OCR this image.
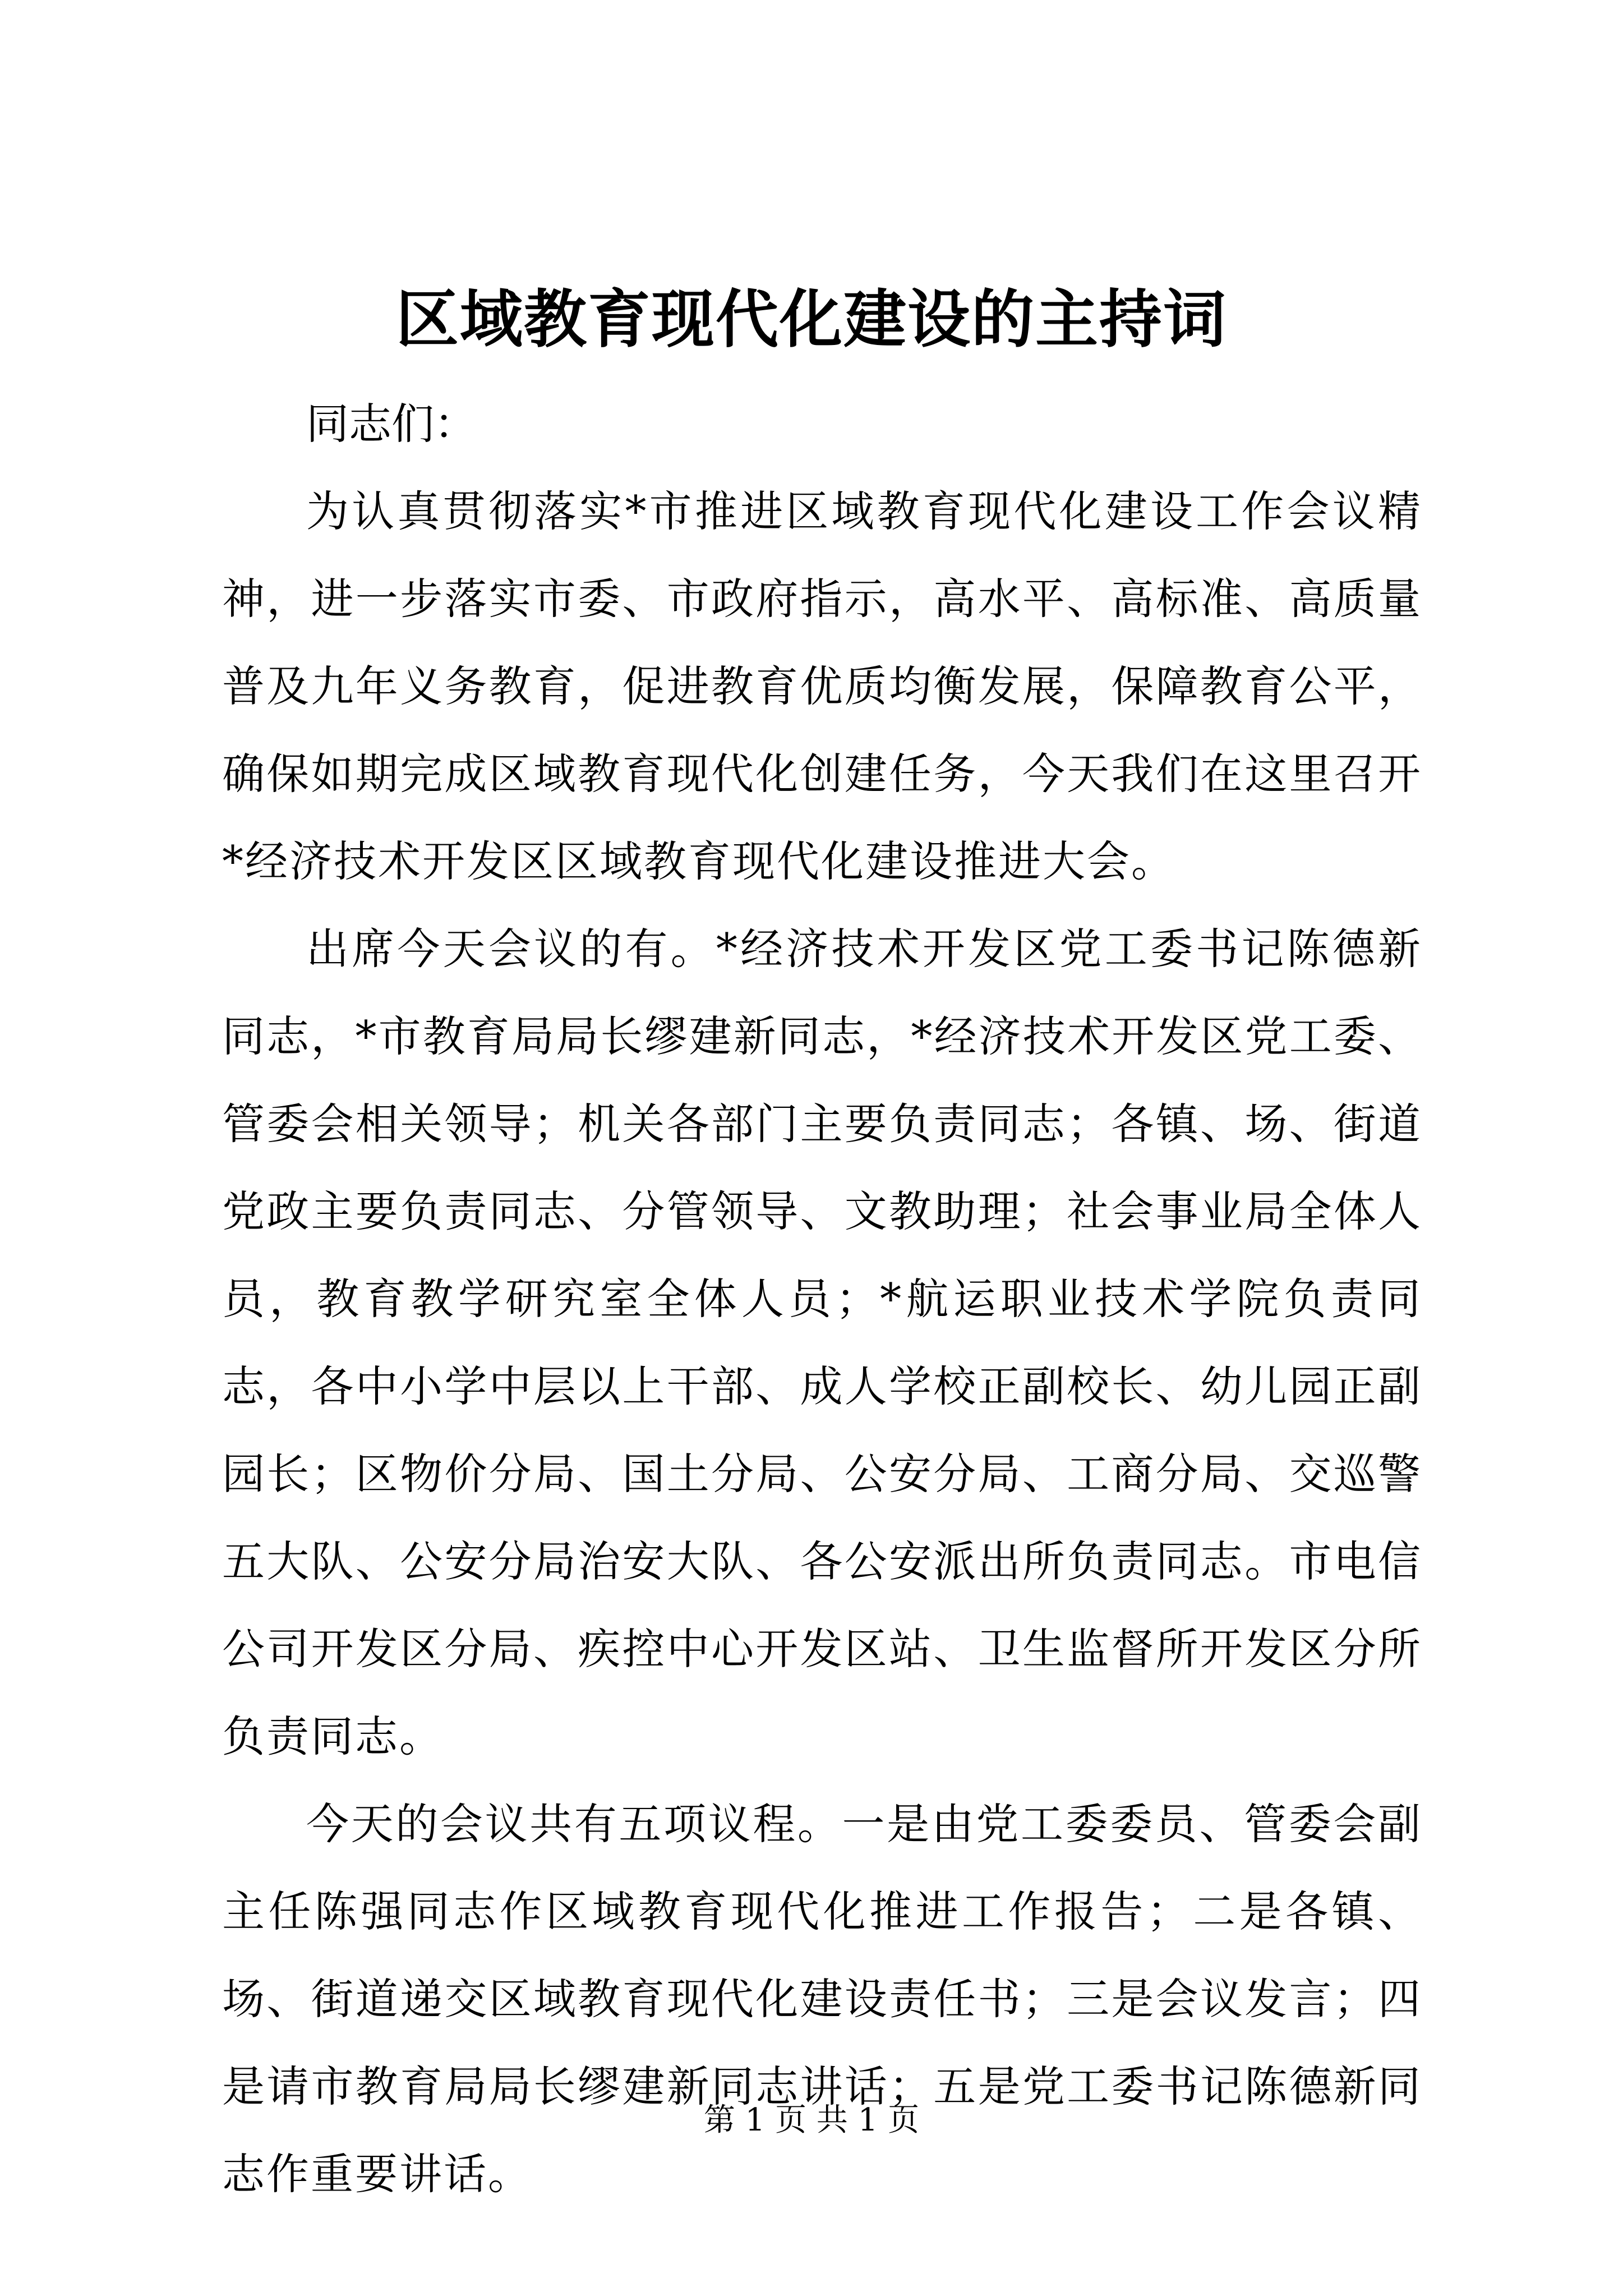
区域教育现代化建设的主持词

同志们：

为认真贯彻落实*市推进区域教育现代化建设工作会议精神，进一步落实市委、市政府指示，高水平、高标准、高质量普及九年义务教育，促进教育优质均衡发展，保障教育公平，确保如期完成区域教育现代化创建任务，今天我们在这里召开*经济技术开发区区域教育现代化建设推进大会。

出席今天会议的有。*经济技术开发区党工委书记陈德新同志，*市教育局局长缪建新同志，*经济技术开发区党工委、管委会相关领导；机关各部门主要负责同志；各镇、场、街道党政主要负责同志、分管领导、文教助理；社会事业局全体人员，教育教学研究室全体人员；*航运职业技术学院负责同志，各中小学中层以上干部、成人学校正副校长、幼儿园正副园长；区物价分局、国土分局、公安分局、工商分局、交巡警五大队、公安分局治安大队、各公安派出所负责同志。市电信公司开发区分局、疾控中心开发区站、卫生监督所开发区分所负责同志。

今天的会议共有五项议程。一是由党工委委员、管委会副主任陈强同志作区域教育现代化推进工作报告；二是各镇、场、街道递交区域教育现代化建设责任书；三是会议发言；四是请市教育局局长缪建新同志讲话；五是党工委书记陈德新同志作重要讲话。

第 1 页 共 1 页
